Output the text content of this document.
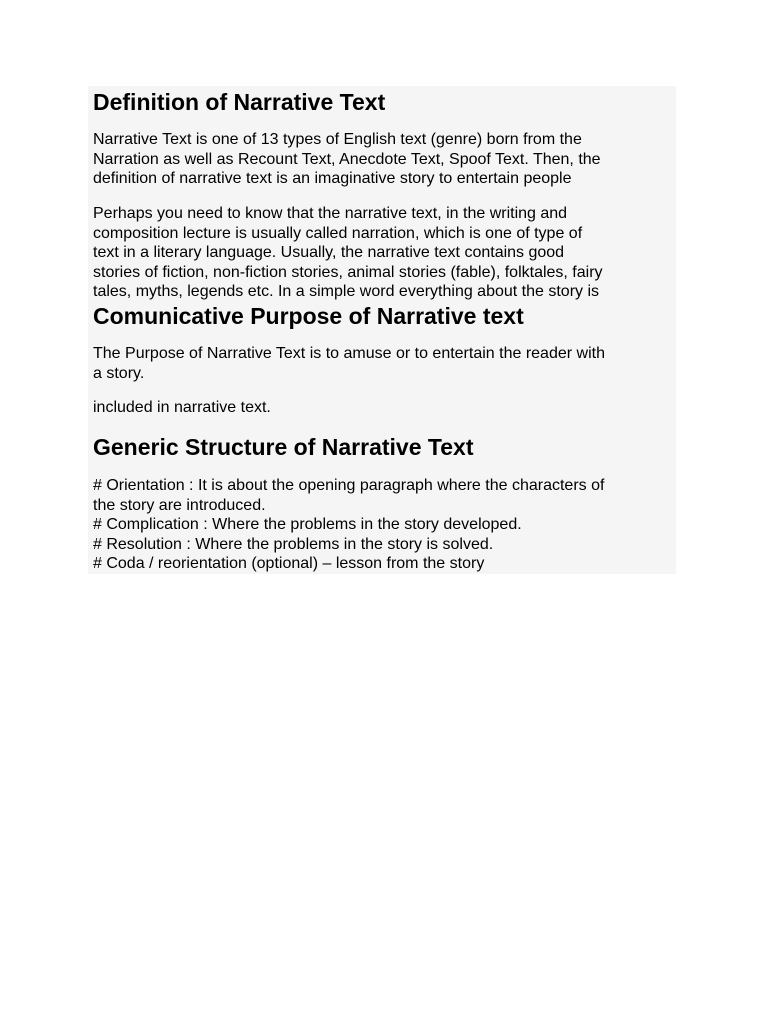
Definition of Narrative Text
Narrative Text is one of 13 types of English text (genre) born from the
Narration as well as Recount Text, Anecdote Text, Spoof Text. Then, the
definition of narrative text is an imaginative story to entertain people
Perhaps you need to know that the narrative text, in the writing and
composition lecture is usually called narration, which is one of type of
text in a literary language. Usually, the narrative text contains good
stories of fiction, non-fiction stories, animal stories (fable), folktales, fairy
tales, myths, legends etc. In a simple word everything about the story is
Comunicative Purpose of Narrative text
The Purpose of Narrative Text is to amuse or to entertain the reader with
a story.
included in narrative text.
Generic Structure of Narrative Text
# Orientation : It is about the opening paragraph where the characters of
the story are introduced.
# Complication : Where the problems in the story developed.
# Resolution : Where the problems in the story is solved.
# Coda / reorientation (optional) – lesson from the story
